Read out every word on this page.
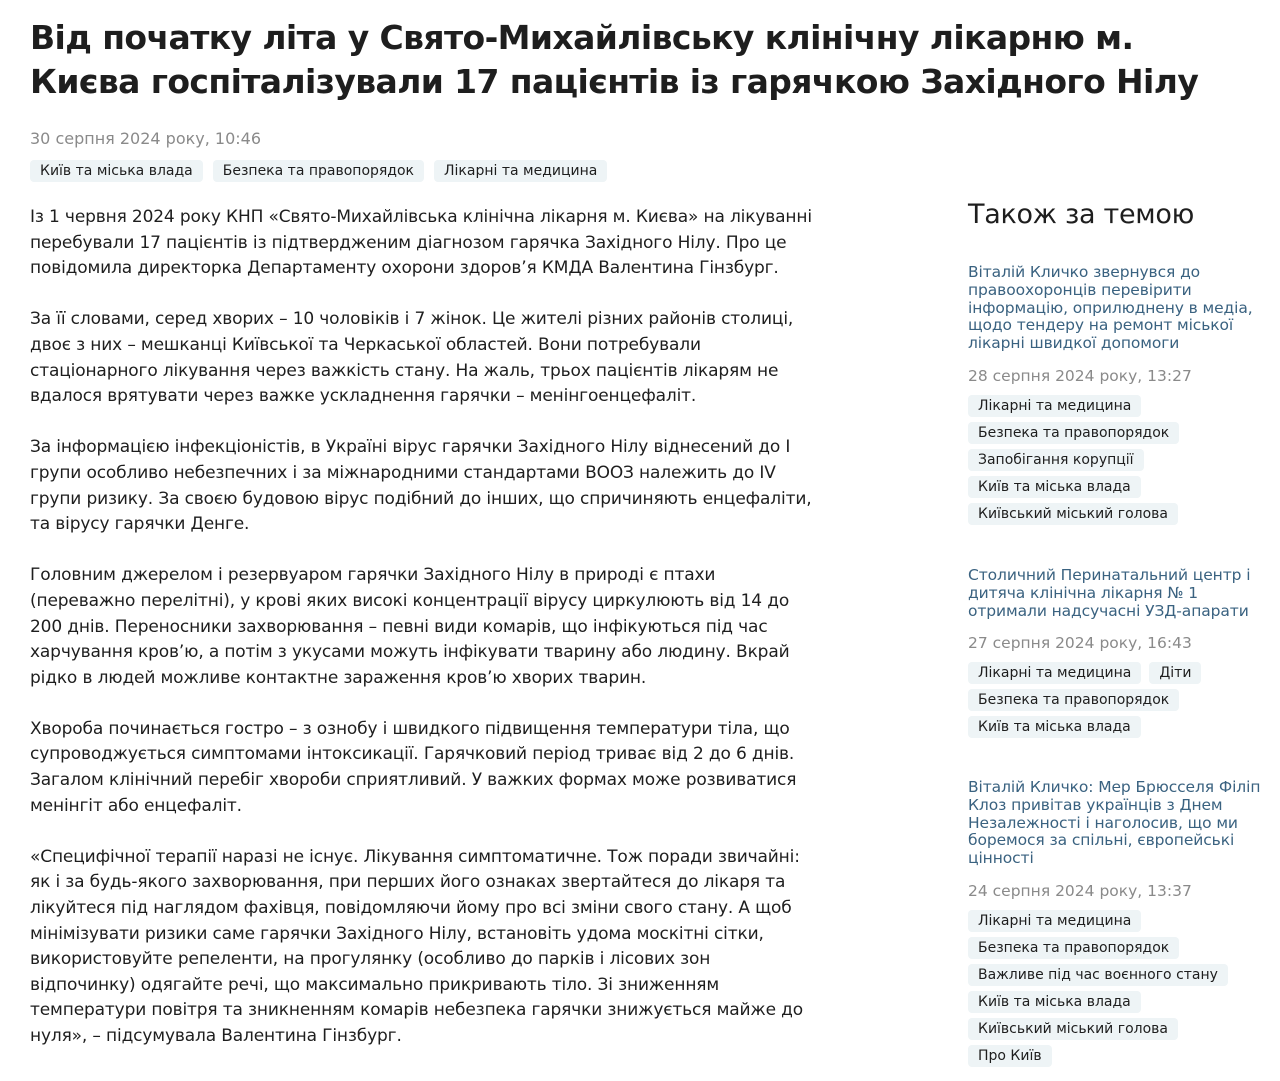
Від початку літа у Свято-Михайлівську клінічну лікарню м. Києва госпіталізували 17 пацієнтів із гарячкою Західного Нілу
30 серпня 2024 року, 10:46
Київ та міська влада	Безпека та правопорядок	Лікарні та медицина

Із 1 червня 2024 року КНП «Свято-Михайлівська клінічна лікарня м. Києва» на лікуванні перебували 17 пацієнтів із підтвердженим діагнозом гарячка Західного Нілу. Про це повідомила директорка Департаменту охорони здоров’я КМДА Валентина Гінзбург.

За її словами, серед хворих – 10 чоловіків і 7 жінок. Це жителі різних районів столиці, двоє з них – мешканці Київської та Черкаської областей. Вони потребували стаціонарного лікування через важкість стану. На жаль, трьох пацієнтів лікарям не вдалося врятувати через важке ускладнення гарячки – менінгоенцефаліт.

За інформацією інфекціоністів, в Україні вірус гарячки Західного Нілу віднесений до І групи особливо небезпечних і за міжнародними стандартами ВООЗ належить до IV групи ризику. За своєю будовою вірус подібний до інших, що спричиняють енцефаліти, та вірусу гарячки Денге.

Головним джерелом і резервуаром гарячки Західного Нілу в природі є птахи (переважно перелітні), у крові яких високі концентрації вірусу циркулюють від 14 до 200 днів. Переносники захворювання – певні види комарів, що інфікуються під час харчування кров’ю, а потім з укусами можуть інфікувати тварину або людину. Вкрай рідко в людей можливе контактне зараження кров’ю хворих тварин.

Хвороба починається гостро – з ознобу і швидкого підвищення температури тіла, що супроводжується симптомами інтоксикації. Гарячковий період триває від 2 до 6 днів. Загалом клінічний перебіг хвороби сприятливий. У важких формах може розвиватися менінгіт або енцефаліт.

«Специфічної терапії наразі не існує. Лікування симптоматичне. Тож поради звичайні: як і за будь-якого захворювання, при перших його ознаках звертайтеся до лікаря та лікуйтеся під наглядом фахівця, повідомляючи йому про всі зміни свого стану. А щоб мінімізувати ризики саме гарячки Західного Нілу, встановіть удома москітні сітки, використовуйте репеленти, на прогулянку (особливо до парків і лісових зон відпочинку) одягайте речі, що максимально прикривають тіло. Зі зниженням температури повітря та зникненням комарів небезпека гарячки знижується майже до нуля», – підсумувала Валентина Гінзбург.

Також за темою
Віталій Кличко звернувся до правоохоронців перевірити інформацію, оприлюднену в медіа, щодо тендеру на ремонт міської лікарні швидкої допомоги
28 серпня 2024 року, 13:27
Лікарні та медицина
Безпека та правопорядок
Запобігання корупції
Київ та міська влада
Київський міський голова
Столичний Перинатальний центр і дитяча клінічна лікарня № 1 отримали надсучасні УЗД-апарати
27 серпня 2024 року, 16:43
Лікарні та медицина	Діти
Безпека та правопорядок
Київ та міська влада
Віталій Кличко: Мер Брюсселя Філіп Клоз привітав українців з Днем Незалежності і наголосив, що ми боремося за спільні, європейські цінності
24 серпня 2024 року, 13:37
Лікарні та медицина
Безпека та правопорядок
Важливе під час воєнного стану
Київ та міська влада
Київський міський голова
Про Київ
